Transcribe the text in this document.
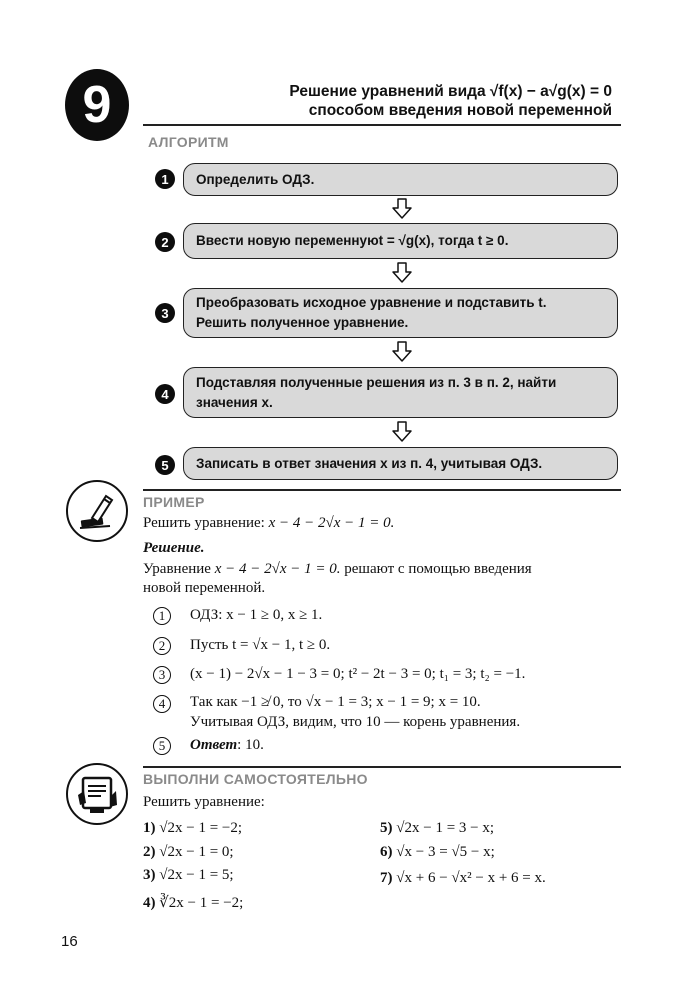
9	Решение уравнений вида √f(x) − a√g(x) = 0
способом введения новой переменной
АЛГОРИТМ
1	Определить ОДЗ.
2	Ввести новую переменную t = √g(x) , тогда t ≥ 0.
3
Преобразовать исходное уравнение и подставить t.
Решить полученное уравнение.
4
Подставляя полученные решения из п. 3 в п. 2, найти
значения x.
5	Записать в ответ значения x из п. 4, учитывая ОДЗ.
ПРИМЕР
Решить уравнение: x − 4 − 2√x − 1 = 0.
Решение.
Уравнение x − 4 − 2√x − 1 = 0. решают с помощью введения
новой переменной.
1	ОДЗ: x − 1 ≥ 0, x ≥ 1.
2	Пусть t = √x − 1, t ≥ 0.
3	(x − 1) − 2√x − 1 − 3 = 0; t² − 2t − 3 = 0; t₁ = 3; t₂ = −1.
4	Так как −1 ≱ 0, то √x − 1 = 3; x − 1 = 9; x = 10.
Учитывая ОДЗ, видим, что 10 — корень уравнения.
5	Ответ: 10.
ВЫПОЛНИ САМОСТОЯТЕЛЬНО
Решить уравнение:
1) √2x − 1 = −2;
2) √2x − 1 = 0;
3) √2x − 1 = 5;
4) ∛2x − 1 = −2;
5) √2x − 1 = 3 − x;
6) √x − 3 = √5 − x;
7) √x + 6 − √x² − x + 6 = x.
16
